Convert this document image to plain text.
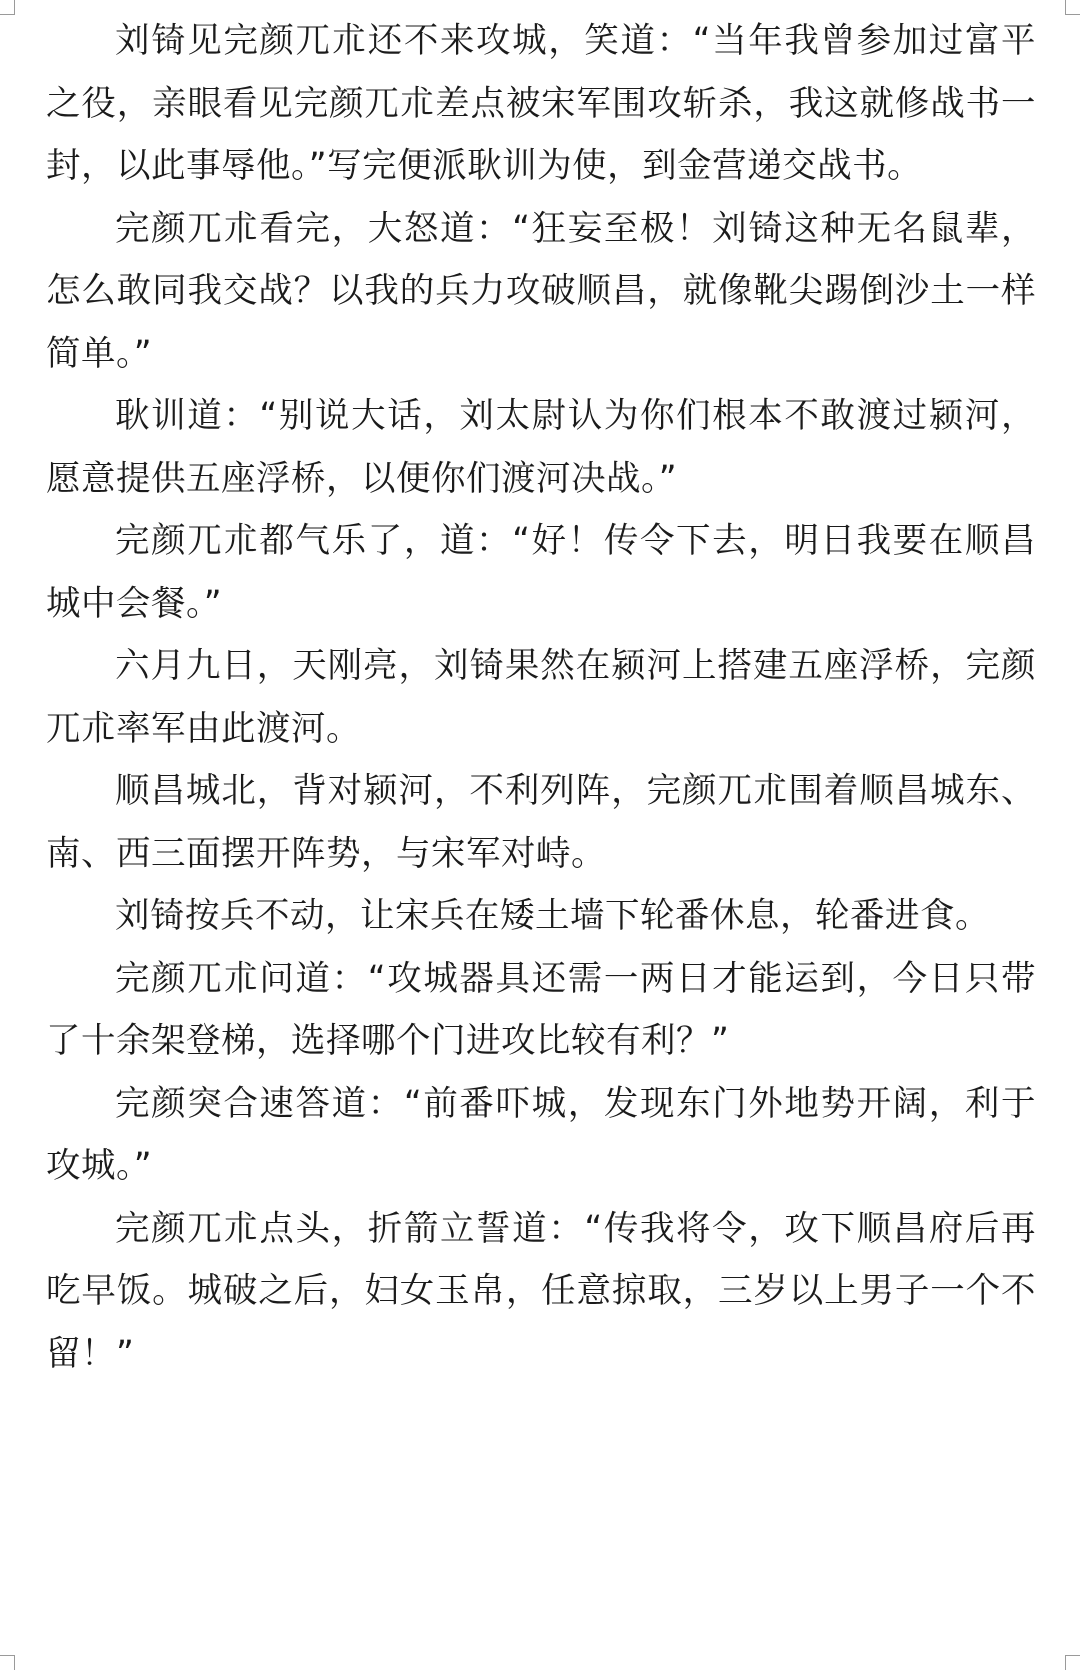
刘锜见完颜兀朮还不来攻城，笑道：“当年我曾参加过富平之役，亲眼看见完颜兀朮差点被宋军围攻斩杀，我这就修战书一封，以此事辱他。”写完便派耿训为使，到金营递交战书。

完颜兀朮看完，大怒道：“狂妄至极！刘锜这种无名鼠辈，怎么敢同我交战？以我的兵力攻破顺昌，就像靴尖踢倒沙土一样简单。”

耿训道：“别说大话，刘太尉认为你们根本不敢渡过颍河，愿意提供五座浮桥，以便你们渡河决战。”

完颜兀朮都气乐了，道：“好！传令下去，明日我要在顺昌城中会餐。”

六月九日，天刚亮，刘锜果然在颍河上搭建五座浮桥，完颜兀朮率军由此渡河。

顺昌城北，背对颍河，不利列阵，完颜兀朮围着顺昌城东、南、西三面摆开阵势，与宋军对峙。

刘锜按兵不动，让宋兵在矮土墙下轮番休息，轮番进食。

完颜兀朮问道：“攻城器具还需一两日才能运到，今日只带了十余架登梯，选择哪个门进攻比较有利？”

完颜突合速答道：“前番吓城，发现东门外地势开阔，利于攻城。”

完颜兀朮点头，折箭立誓道：“传我将令，攻下顺昌府后再吃早饭。城破之后，妇女玉帛，任意掠取，三岁以上男子一个不留！”
